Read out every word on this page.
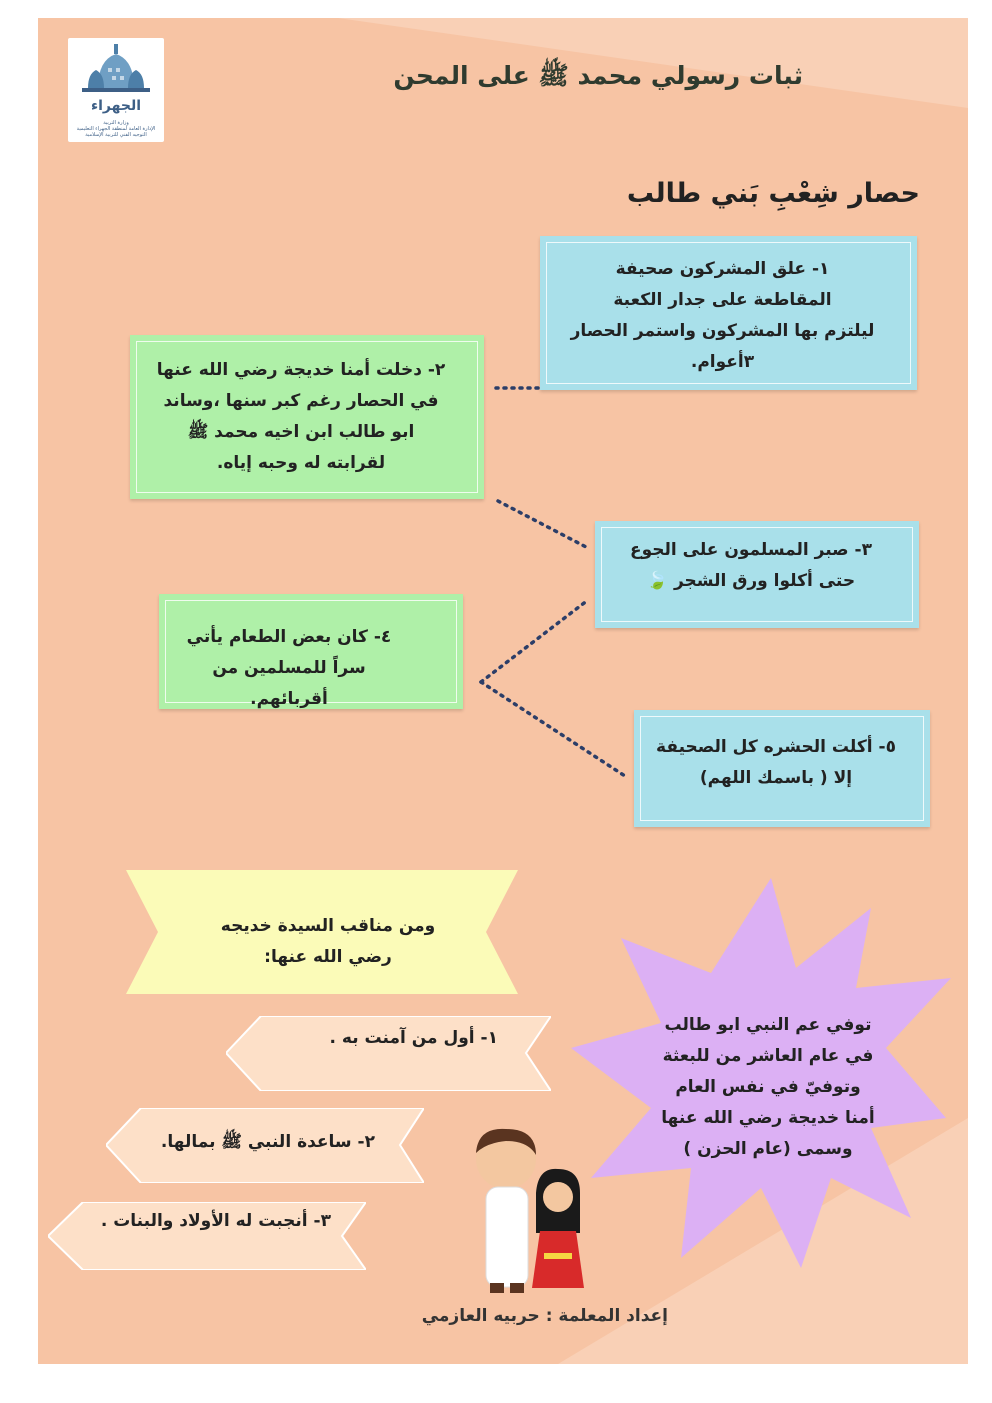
الجهراء
وزارة التربية
الإدارة العامة لمنطقة الجهراء التعليمية
التوجيه الفني للتربية الإسلامية
ثبات رسولي محمد ﷺ على المحن
حصار شِعْبِ بَني طالب
١- علق المشركون صحيفة
المقاطعة على جدار الكعبة
ليلتزم بها المشركون واستمر الحصار
٣أعوام.
٢- دخلت أمنا خديجة رضي الله عنها
في الحصار رغم كبر سنها ،وساند
ابو طالب ابن اخيه محمد ﷺ
لقرابته له وحبه إياه.
٣- صبر المسلمون على الجوع
حتى أكلوا ورق الشجر 🍃
٤- كان بعض الطعام يأتي
سراً للمسلمين من أقربائهم.
٥- أكلت الحشره كل الصحيفة
إلا ( باسمك اللهم)
ومن مناقب السيدة خديجه
رضي الله عنها:
١- أول من آمنت به .
٢- ساعدة النبي ﷺ بمالها.
٣- أنجبت له الأولاد والبنات .
توفي عم النبي ابو طالب
في عام العاشر من للبعثة
وتوفيّ في نفس العام
أمنا خديجة رضي الله عنها
وسمى (عام الحزن )
إعداد المعلمة : حربيه العازمي
